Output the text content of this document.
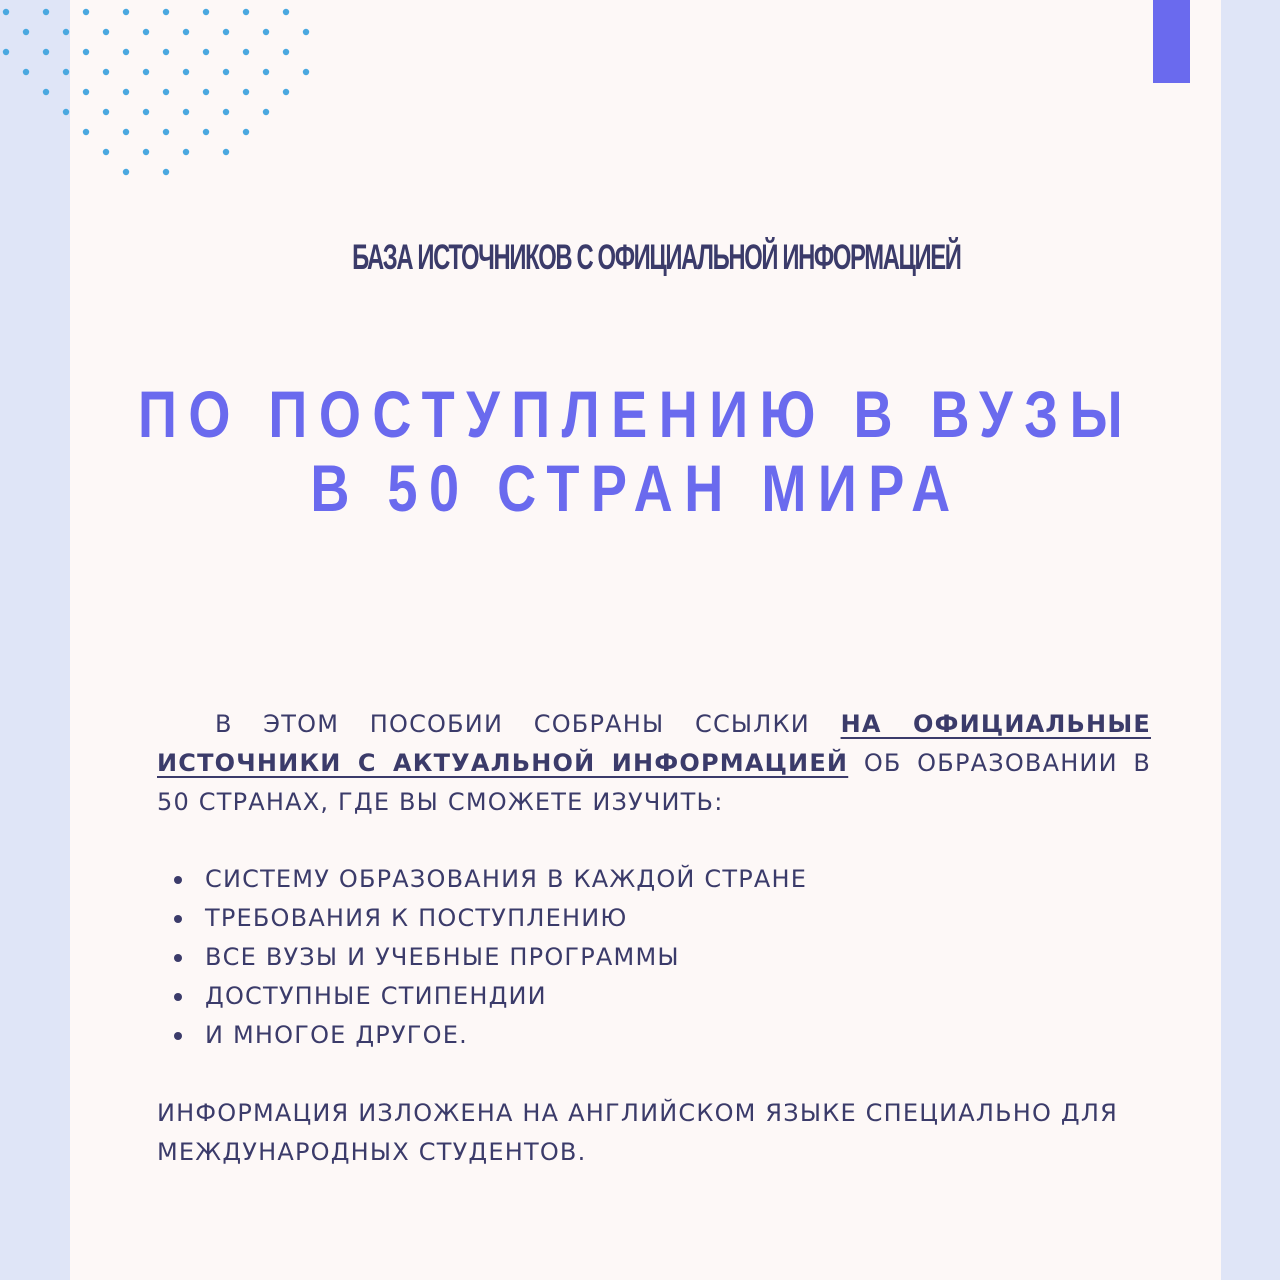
БАЗА ИСТОЧНИКОВ С ОФИЦИАЛЬНОЙ ИНФОРМАЦИЕЙ
ПО ПОСТУПЛЕНИЮ В ВУЗЫ
В 50 СТРАН МИРА

В ЭТОМ ПОСОБИИ СОБРАНЫ ССЫЛКИ НА ОФИЦИАЛЬНЫЕ ИСТОЧНИКИ С АКТУАЛЬНОЙ ИНФОРМАЦИЕЙ ОБ ОБРАЗОВАНИИ В 50 СТРАНАХ, ГДЕ ВЫ СМОЖЕТЕ ИЗУЧИТЬ:

СИСТЕМУ ОБРАЗОВАНИЯ В КАЖДОЙ СТРАНЕ
ТРЕБОВАНИЯ К ПОСТУПЛЕНИЮ
ВСЕ ВУЗЫ И УЧЕБНЫЕ ПРОГРАММЫ
ДОСТУПНЫЕ СТИПЕНДИИ
И МНОГОЕ ДРУГОЕ.

ИНФОРМАЦИЯ ИЗЛОЖЕНА НА АНГЛИЙСКОМ ЯЗЫКЕ СПЕЦИАЛЬНО ДЛЯ МЕЖДУНАРОДНЫХ СТУДЕНТОВ.
